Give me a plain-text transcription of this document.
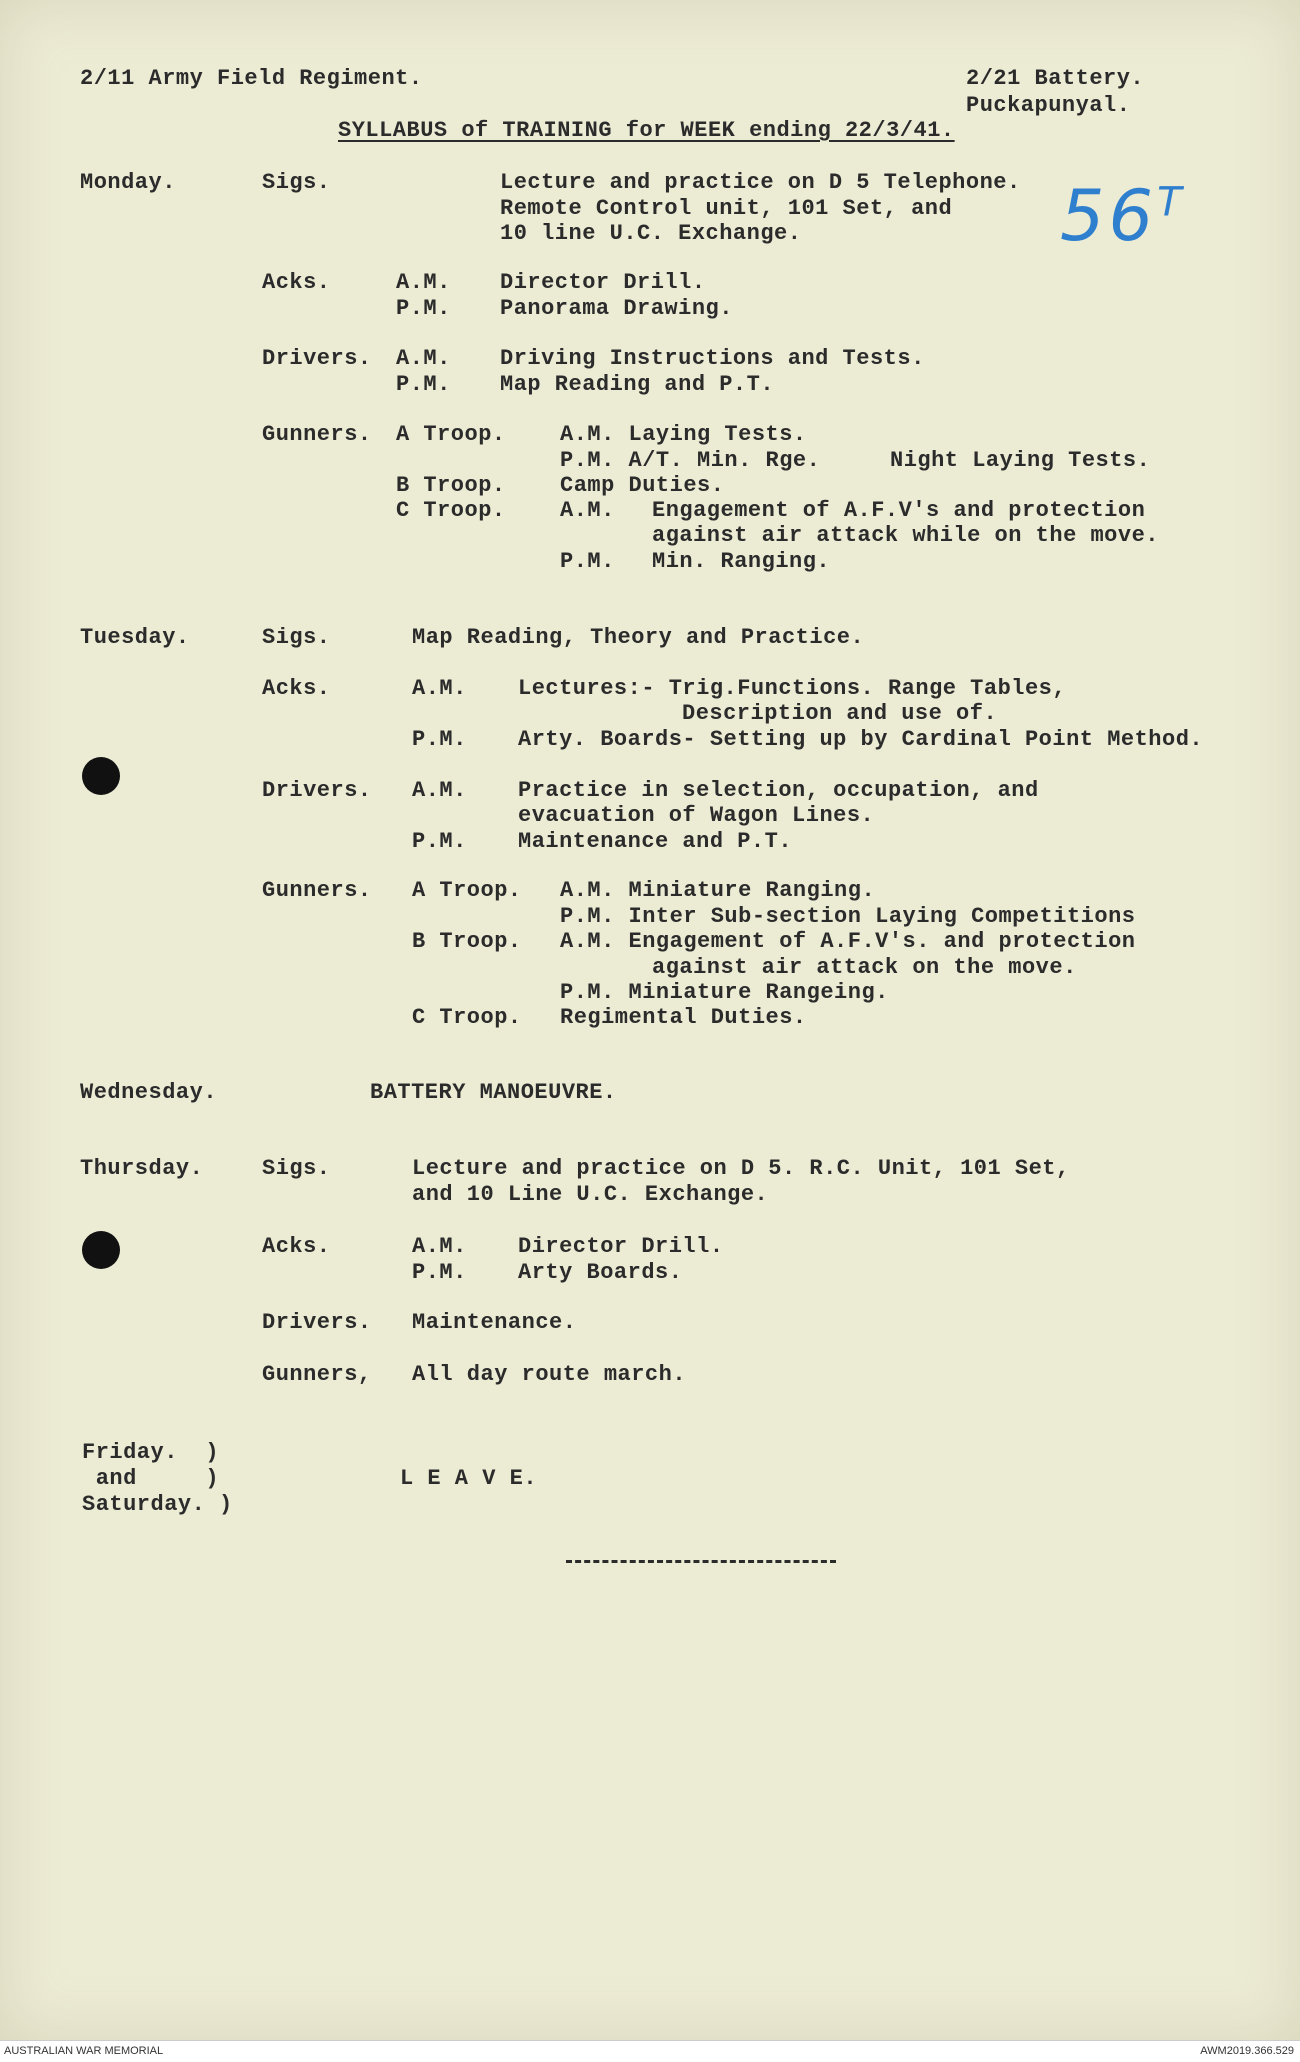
2/11 Army Field Regiment.	2/21 Battery.
Puckapunyal.
SYLLABUS of TRAINING for WEEK ending 22/3/41.
$56^T$
Monday.	Sigs.	Lecture and practice on D 5 Telephone.
Remote Control unit, 101 Set, and
10 line U.C. Exchange.
Acks.	A.M. Director Drill.
P.M. Panorama Drawing.
Drivers. A.M. Driving Instructions and Tests.
P.M. Map Reading and P.T.
Gunners. A Troop. A.M. Laying Tests.
P.M. A/T. Min. Rge.	Night Laying Tests.
B Troop. Camp Duties.
C Troop. A.M. Engagement of A.F.V's and protection
against air attack while on the move.
P.M. Min. Ranging.
Tuesday.	Sigs.	Map Reading, Theory and Practice.
Acks.	A.M. Lectures:- Trig.Functions. Range Tables,
Description and use of.
P.M. Arty. Boards- Setting up by Cardinal Point Method.
Drivers. A.M. Practice in selection, occupation, and
evacuation of Wagon Lines.
P.M. Maintenance and P.T.
Gunners. A Troop. A.M. Miniature Ranging.
P.M. Inter Sub-section Laying Competitions
B Troop. A.M. Engagement of A.F.V's. and protection
against air attack on the move.
P.M. Miniature Rangeing.
C Troop. Regimental Duties.
Wednesday.	BATTERY MANOEUVRE.
Thursday.	Sigs.	Lecture and practice on D 5. R.C. Unit, 101 Set,
and 10 Line U.C. Exchange.
Acks.	A.M. Director Drill.
P.M. Arty Boards.
Drivers. Maintenance.
Gunners, All day route march.
Friday.  )
and     )
Saturday. )
L E A V E.
AUSTRALIAN WAR MEMORIAL	AWM2019.366.529
